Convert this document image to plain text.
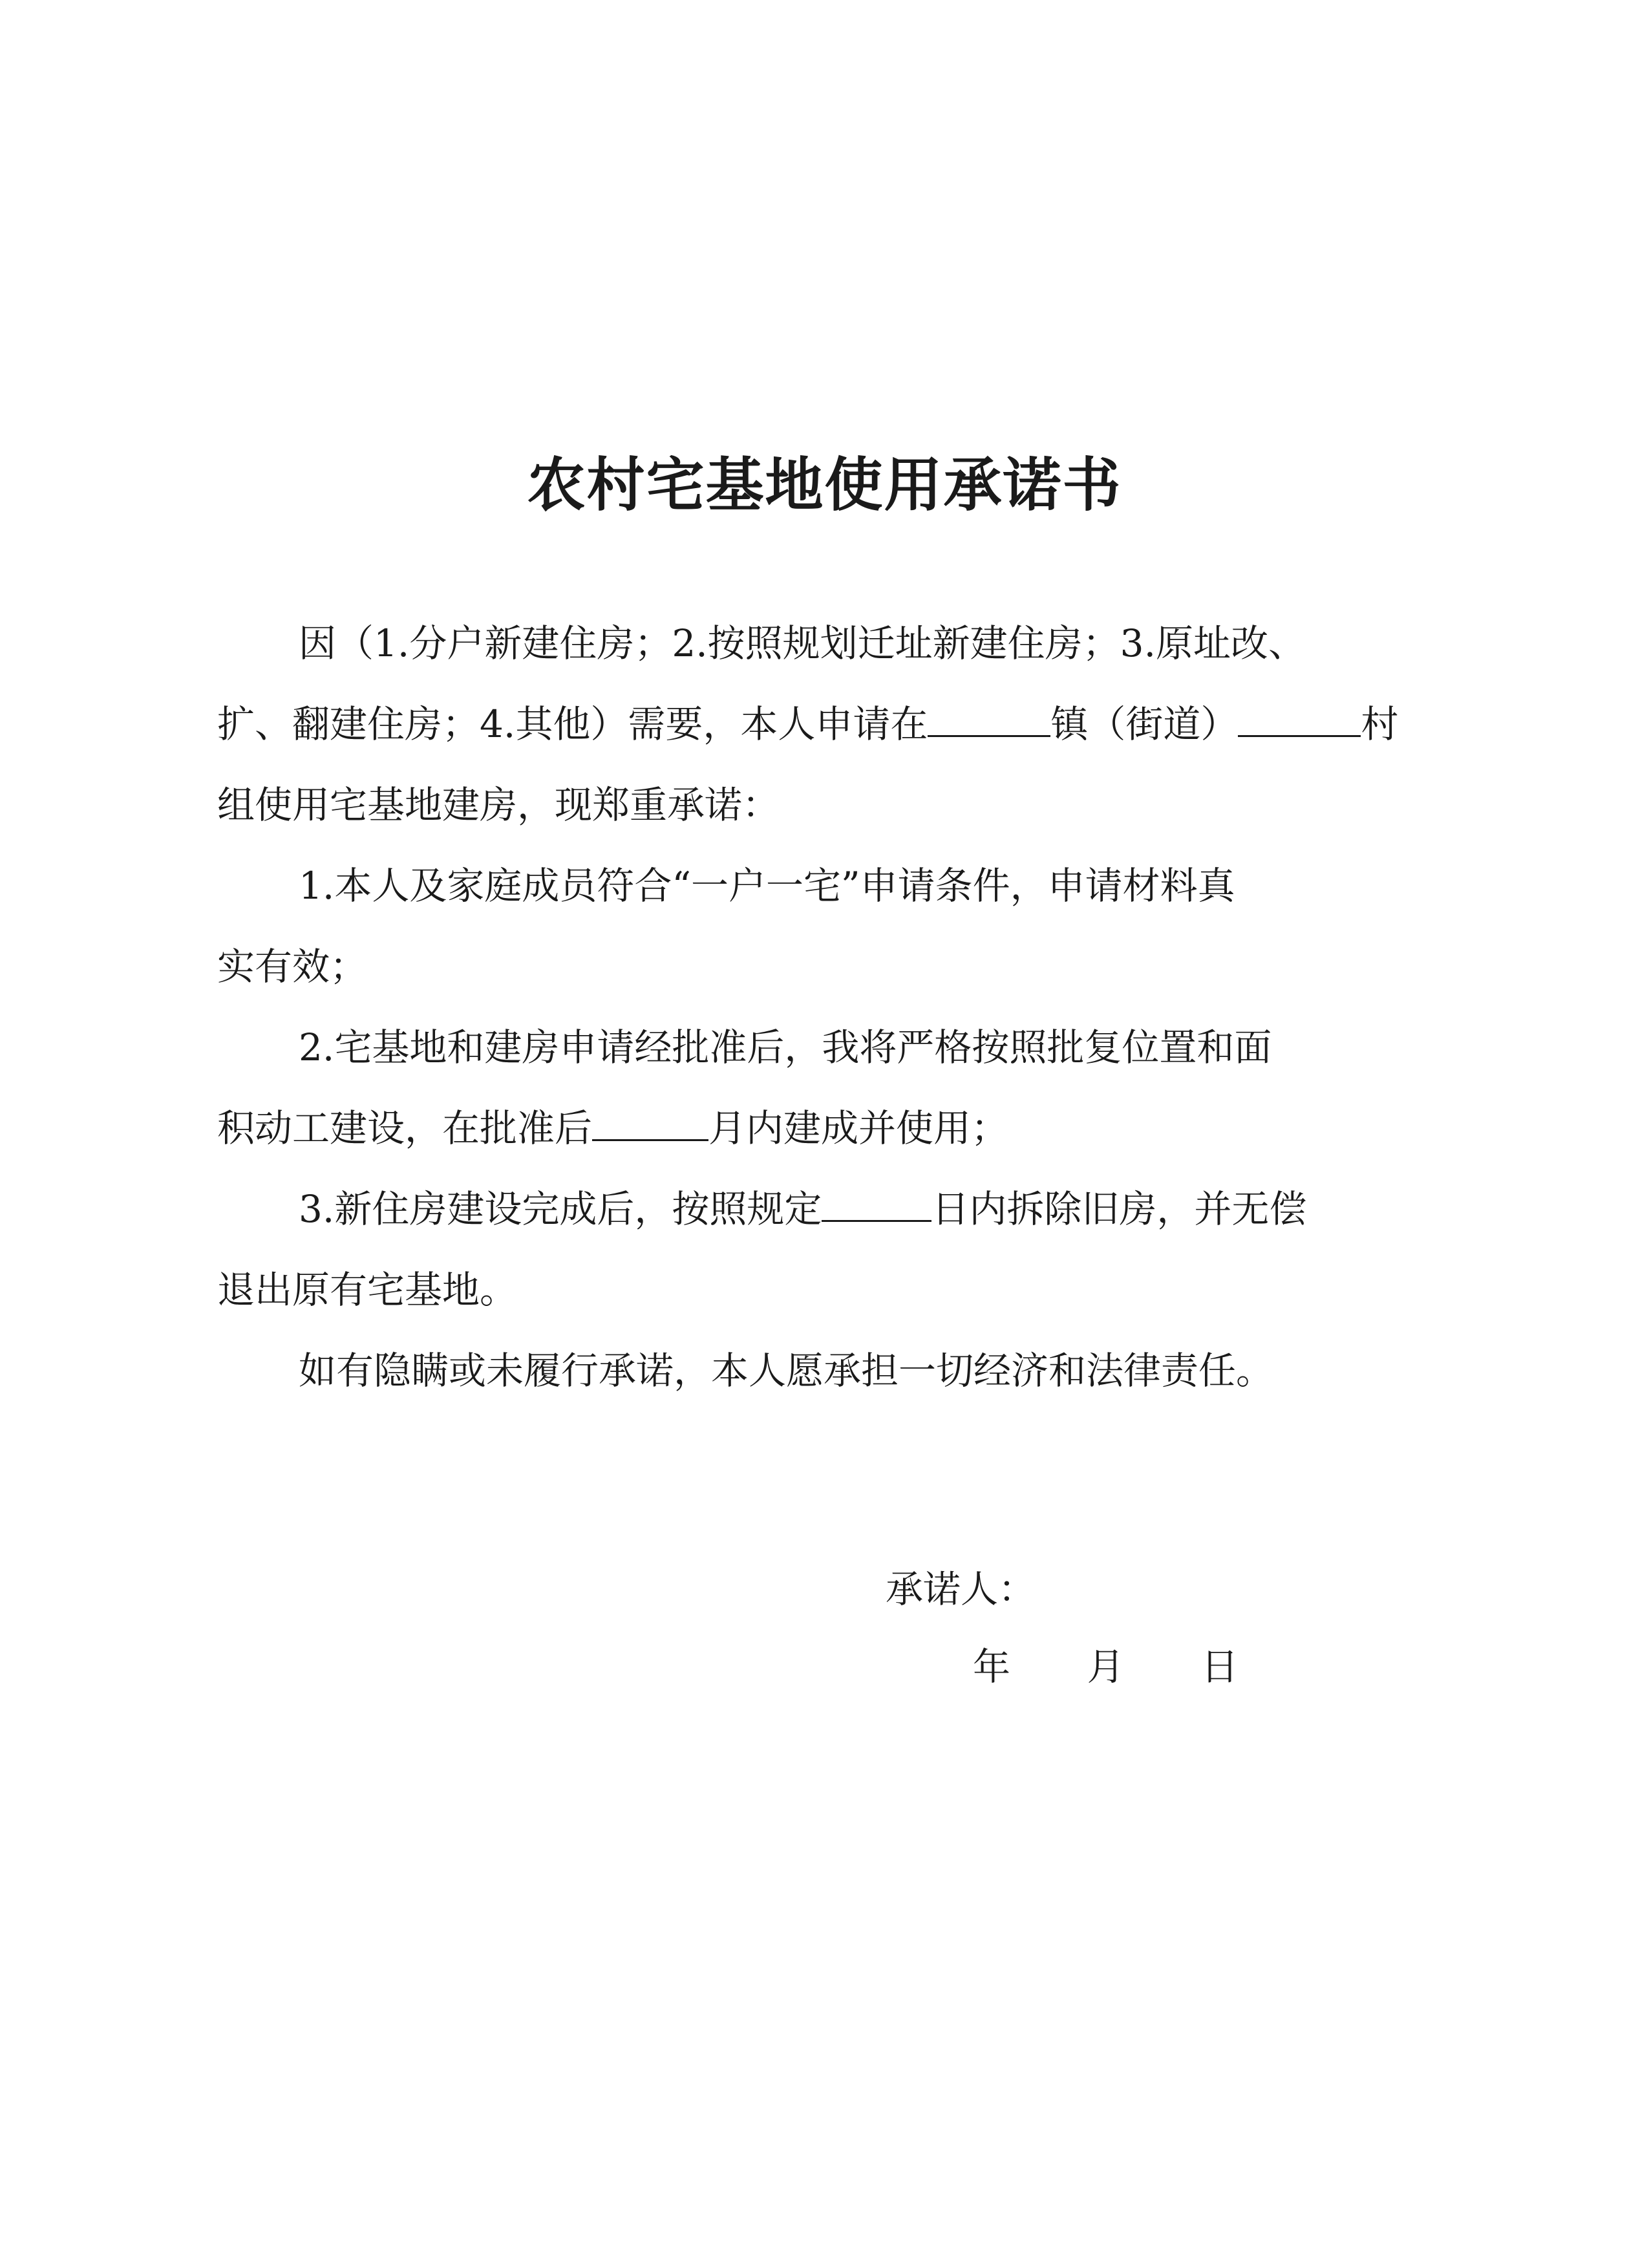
农村宅基地使用承诺书
因（1.分户新建住房；2.按照规划迁址新建住房；3.原址改、
扩、翻建住房；4.其他）需要，本人申请在	镇（街道）	村
组使用宅基地建房，现郑重承诺：
1.本人及家庭成员符合“一户一宅”申请条件，申请材料真
实有效；
2.宅基地和建房申请经批准后，我将严格按照批复位置和面
积动工建设，在批准后	月内建成并使用；
3.新住房建设完成后，按照规定	日内拆除旧房，并无偿
退出原有宅基地。
如有隐瞒或未履行承诺，本人愿承担一切经济和法律责任。
承诺人：
年 月 日
